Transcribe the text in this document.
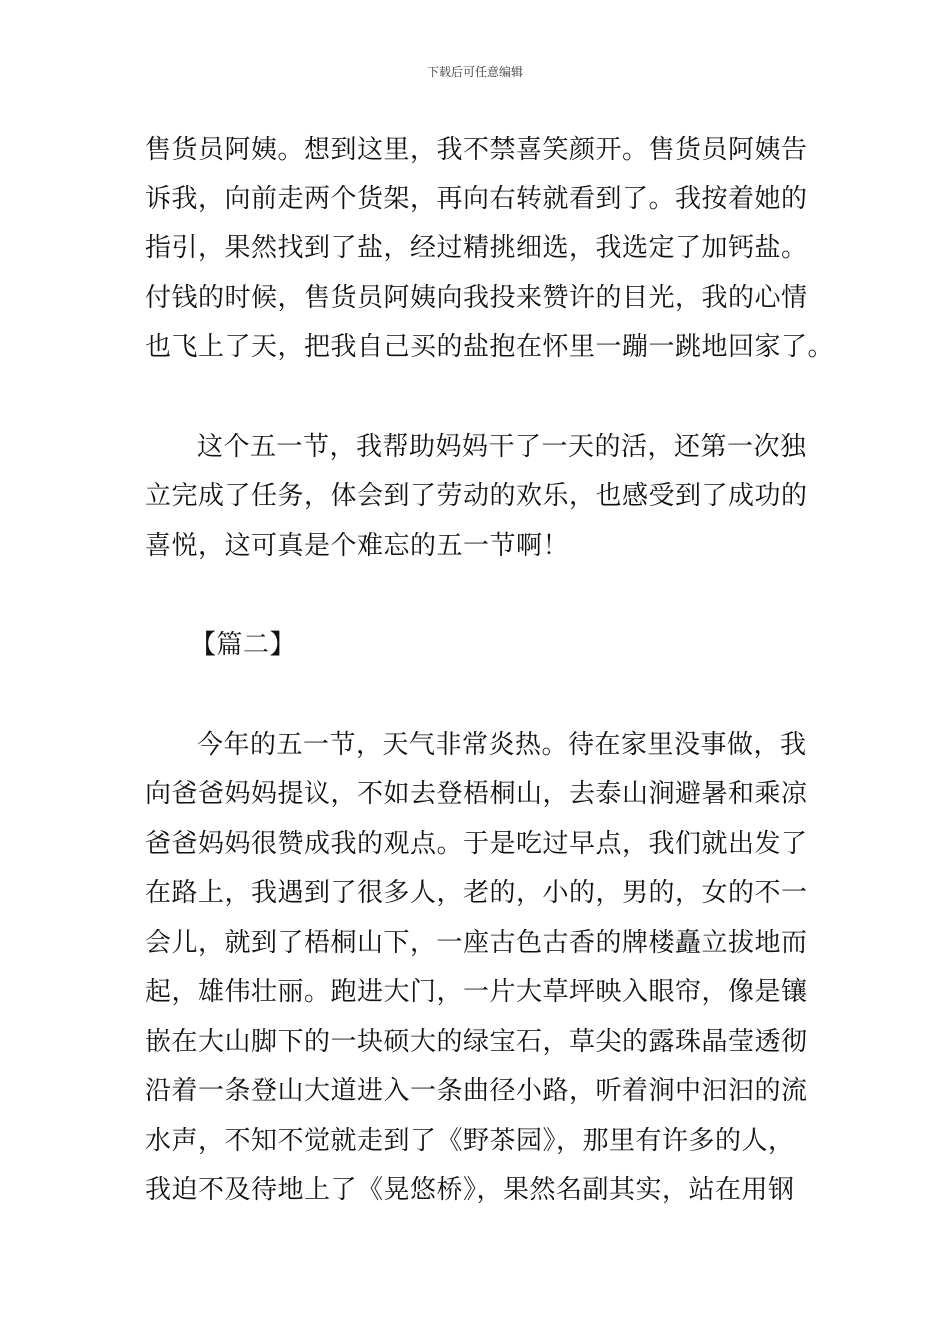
下载后可任意编辑
售货员阿姨。想到这里，我不禁喜笑颜开。售货员阿姨告
诉我，向前走两个货架，再向右转就看到了。我按着她的
指引，果然找到了盐，经过精挑细选，我选定了加钙盐。
付钱的时候，售货员阿姨向我投来赞许的目光，我的心情
也飞上了天，把我自己买的盐抱在怀里一蹦一跳地回家了。
这个五一节，我帮助妈妈干了一天的活，还第一次独
立完成了任务，体会到了劳动的欢乐，也感受到了成功的
喜悦，这可真是个难忘的五一节啊！
【篇二】
今年的五一节，天气非常炎热。待在家里没事做，我
向爸爸妈妈提议，不如去登梧桐山，去泰山涧避暑和乘凉
爸爸妈妈很赞成我的观点。于是吃过早点，我们就出发了
在路上，我遇到了很多人，老的，小的，男的，女的不一
会儿，就到了梧桐山下，一座古色古香的牌楼矗立拔地而
起，雄伟壮丽。跑进大门，一片大草坪映入眼帘，像是镶
嵌在大山脚下的一块硕大的绿宝石，草尖的露珠晶莹透彻
沿着一条登山大道进入一条曲径小路，听着涧中汩汩的流
水声，不知不觉就走到了《野茶园》，那里有许多的人，
我迫不及待地上了《晃悠桥》，果然名副其实，站在用钢
